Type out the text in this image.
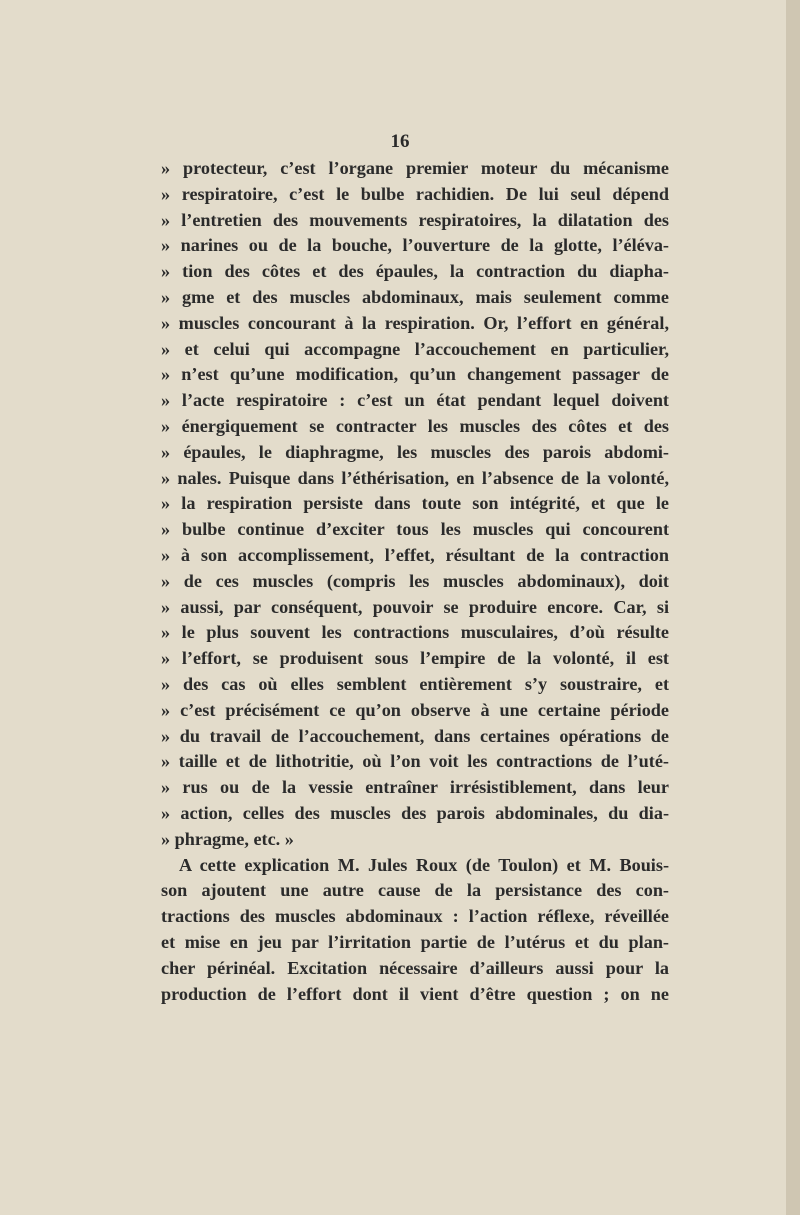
16
» protecteur, c’est l’organe premier moteur du mécanisme
» respiratoire, c’est le bulbe rachidien. De lui seul dépend
» l’entretien des mouvements respiratoires, la dilatation des
» narines ou de la bouche, l’ouverture de la glotte, l’éléva-
» tion des côtes et des épaules, la contraction du diapha-
» gme et des muscles abdominaux, mais seulement comme
» muscles concourant à la respiration. Or, l’effort en général,
» et celui qui accompagne l’accouchement en particulier,
» n’est qu’une modification, qu’un changement passager de
» l’acte respiratoire : c’est un état pendant lequel doivent
» énergiquement se contracter les muscles des côtes et des
» épaules, le diaphragme, les muscles des parois abdomi-
» nales. Puisque dans l’éthérisation, en l’absence de la volonté,
» la respiration persiste dans toute son intégrité, et que le
» bulbe continue d’exciter tous les muscles qui concourent
» à son accomplissement, l’effet, résultant de la contraction
» de ces muscles (compris les muscles abdominaux), doit
» aussi, par conséquent, pouvoir se produire encore. Car, si
» le plus souvent les contractions musculaires, d’où résulte
» l’effort, se produisent sous l’empire de la volonté, il est
» des cas où elles semblent entièrement s’y soustraire, et
» c’est précisément ce qu’on observe à une certaine période
» du travail de l’accouchement, dans certaines opérations de
» taille et de lithotritie, où l’on voit les contractions de l’uté-
» rus ou de la vessie entraîner irrésistiblement, dans leur
» action, celles des muscles des parois abdominales, du dia-
» phragme, etc. »
A cette explication M. Jules Roux (de Toulon) et M. Bouis-
son ajoutent une autre cause de la persistance des con-
tractions des muscles abdominaux : l’action réflexe, réveillée
et mise en jeu par l’irritation partie de l’utérus et du plan-
cher périnéal. Excitation nécessaire d’ailleurs aussi pour la
production de l’effort dont il vient d’être question ; on ne
